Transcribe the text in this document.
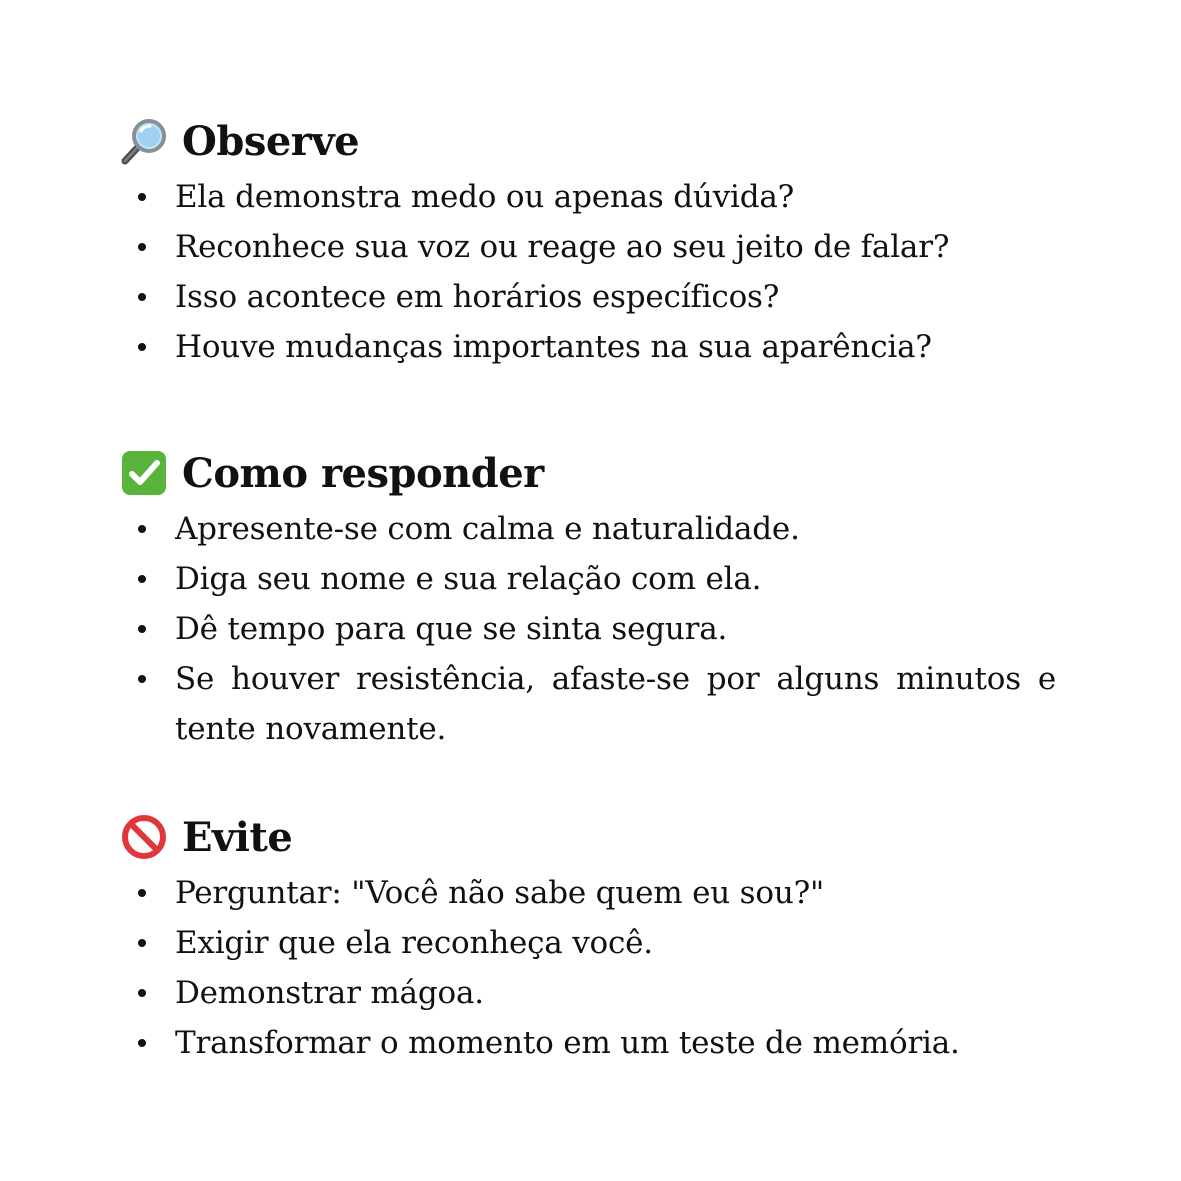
Observe
Ela demonstra medo ou apenas dúvida?
Reconhece sua voz ou reage ao seu jeito de falar?
Isso acontece em horários específicos?
Houve mudanças importantes na sua aparência?
Como responder
Apresente-se com calma e naturalidade.
Diga seu nome e sua relação com ela.
Dê tempo para que se sinta segura.
Se houver resistência, afaste-se por alguns minutos e tente novamente.
Evite
Perguntar: "Você não sabe quem eu sou?"
Exigir que ela reconheça você.
Demonstrar mágoa.
Transformar o momento em um teste de memória.
